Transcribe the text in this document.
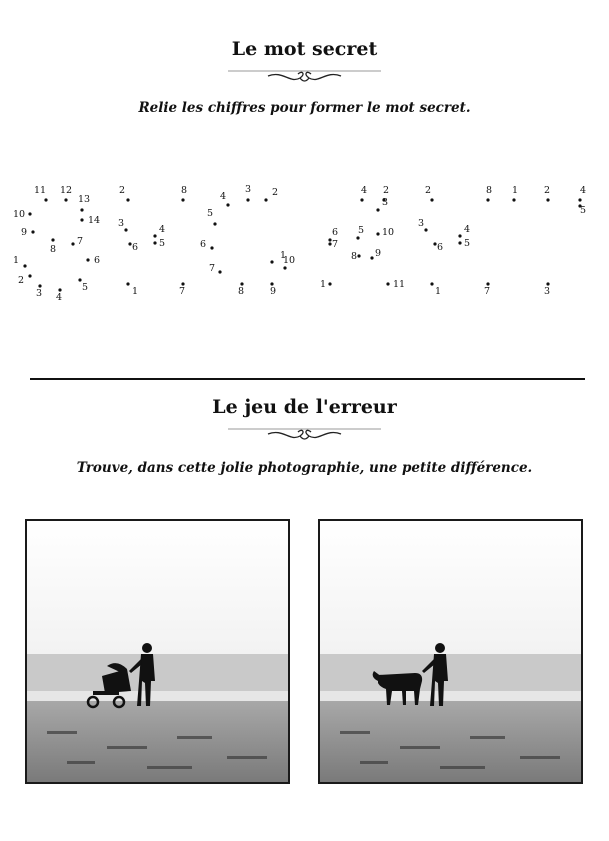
Le mot secret
Relie les chiffres pour former le mot secret.
1
2
3 4
5
6
7
8
9
10
11 12
13
14
1
2
3
4
5
6
7
8
1
2
3
4
5
6
7
8	9
10
1
2
3
4
5
6
7
8 9
10
11
1
2
3
4
5
6
7
8 1	2
3
4
5
Le jeu de l'erreur
Trouve, dans cette jolie photographie, une petite différence.
